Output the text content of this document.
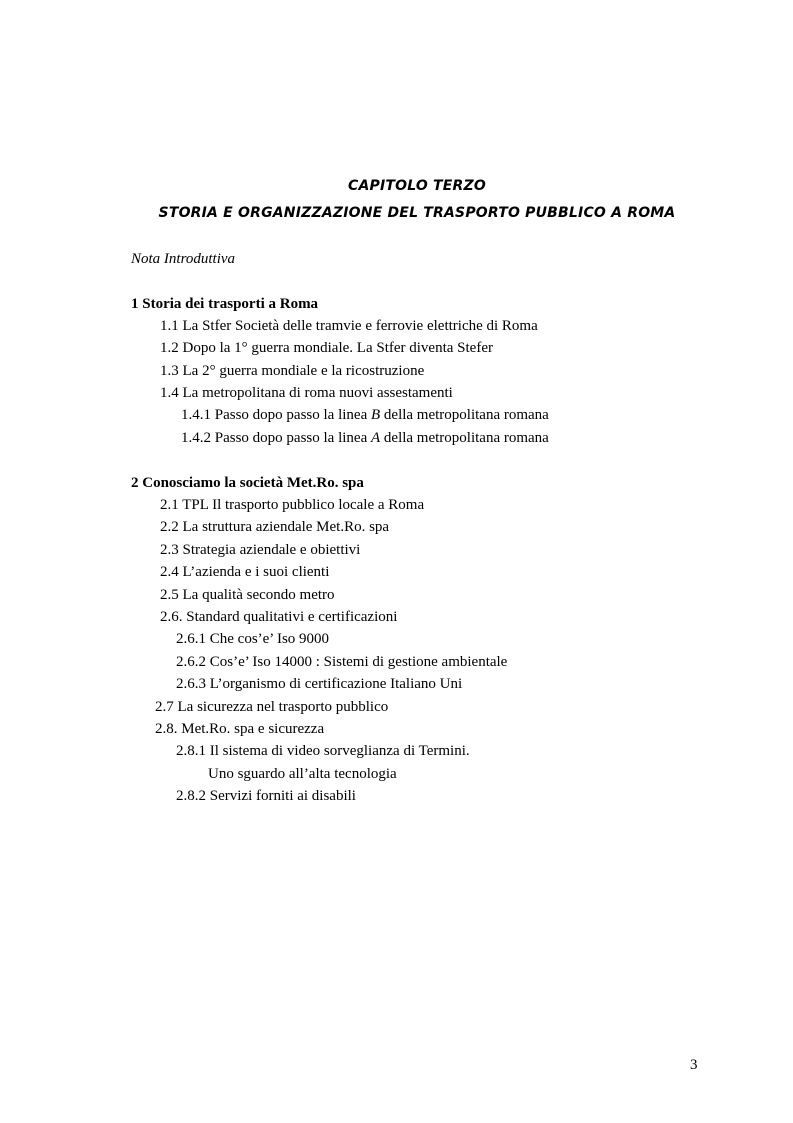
CAPITOLO TERZO
STORIA E ORGANIZZAZIONE DEL TRASPORTO PUBBLICO A ROMA
Nota Introduttiva
1 Storia dei trasporti a Roma
1.1 La Stfer Società delle tramvie e ferrovie elettriche di Roma
1.2 Dopo la 1° guerra mondiale. La Stfer diventa Stefer
1.3 La 2° guerra mondiale e la ricostruzione
1.4 La metropolitana di roma nuovi assestamenti
1.4.1 Passo dopo passo la linea B della metropolitana romana
1.4.2 Passo dopo passo la linea A della metropolitana romana
2 Conosciamo la società Met.Ro. spa
2.1 TPL Il trasporto pubblico locale a Roma
2.2 La struttura aziendale Met.Ro. spa
2.3 Strategia aziendale e obiettivi
2.4 L’azienda e i suoi clienti
2.5 La qualità secondo metro
2.6. Standard qualitativi e certificazioni
2.6.1 Che cos’e’ Iso 9000
2.6.2 Cos’e’ Iso 14000 : Sistemi di gestione ambientale
2.6.3 L’organismo di certificazione Italiano Uni
2.7 La sicurezza nel trasporto pubblico
2.8. Met.Ro. spa e sicurezza
2.8.1 Il sistema di video sorveglianza di Termini.
Uno sguardo all’alta tecnologia
2.8.2 Servizi forniti ai disabili
3
